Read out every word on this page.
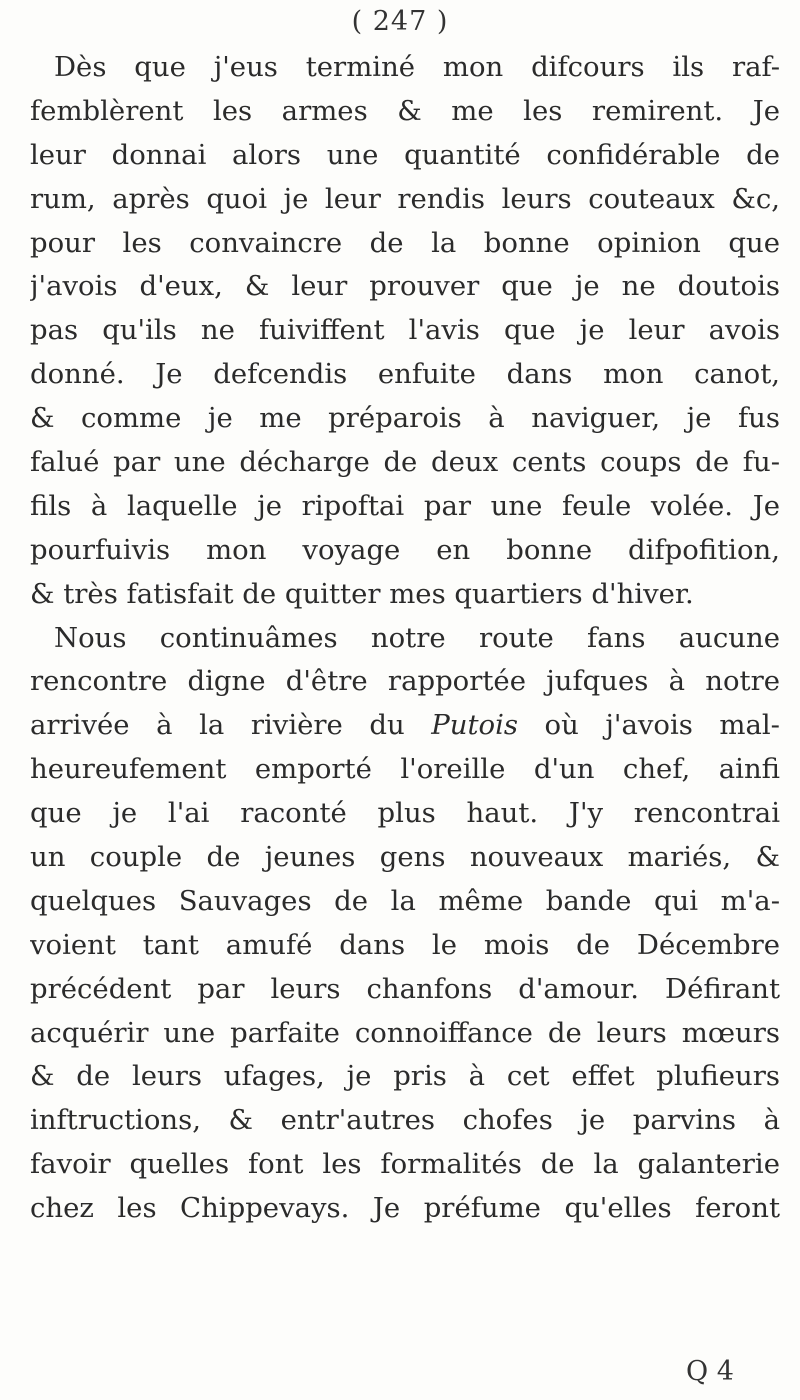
( 247 )
Dès que j'eus terminé mon difcours ils raf-
femblèrent les armes & me les remirent. Je
leur donnai alors une quantité confidérable de
rum, après quoi je leur rendis leurs couteaux &c,
pour les convaincre de la bonne opinion que
j'avois d'eux, & leur prouver que je ne doutois
pas qu'ils ne fuiviffent l'avis que je leur avois
donné. Je defcendis enfuite dans mon canot,
& comme je me préparois à naviguer, je fus
falué par une décharge de deux cents coups de fu-
fils à laquelle je ripoftai par une feule volée. Je
pourfuivis mon voyage en bonne difpofition,
& très fatisfait de quitter mes quartiers d'hiver.
Nous continuâmes notre route fans aucune
rencontre digne d'être rapportée jufques à notre
arrivée à la rivière du Putois où j'avois mal-
heureufement emporté l'oreille d'un chef, ainfi
que je l'ai raconté plus haut. J'y rencontrai
un couple de jeunes gens nouveaux mariés, &
quelques Sauvages de la même bande qui m'a-
voient tant amufé dans le mois de Décembre
précédent par leurs chanfons d'amour. Défirant
acquérir une parfaite connoiffance de leurs mœurs
& de leurs ufages, je pris à cet effet plufieurs
inftructions, & entr'autres chofes je parvins à
favoir quelles font les formalités de la galanterie
chez les Chippevays. Je préfume qu'elles feront
Q 4
